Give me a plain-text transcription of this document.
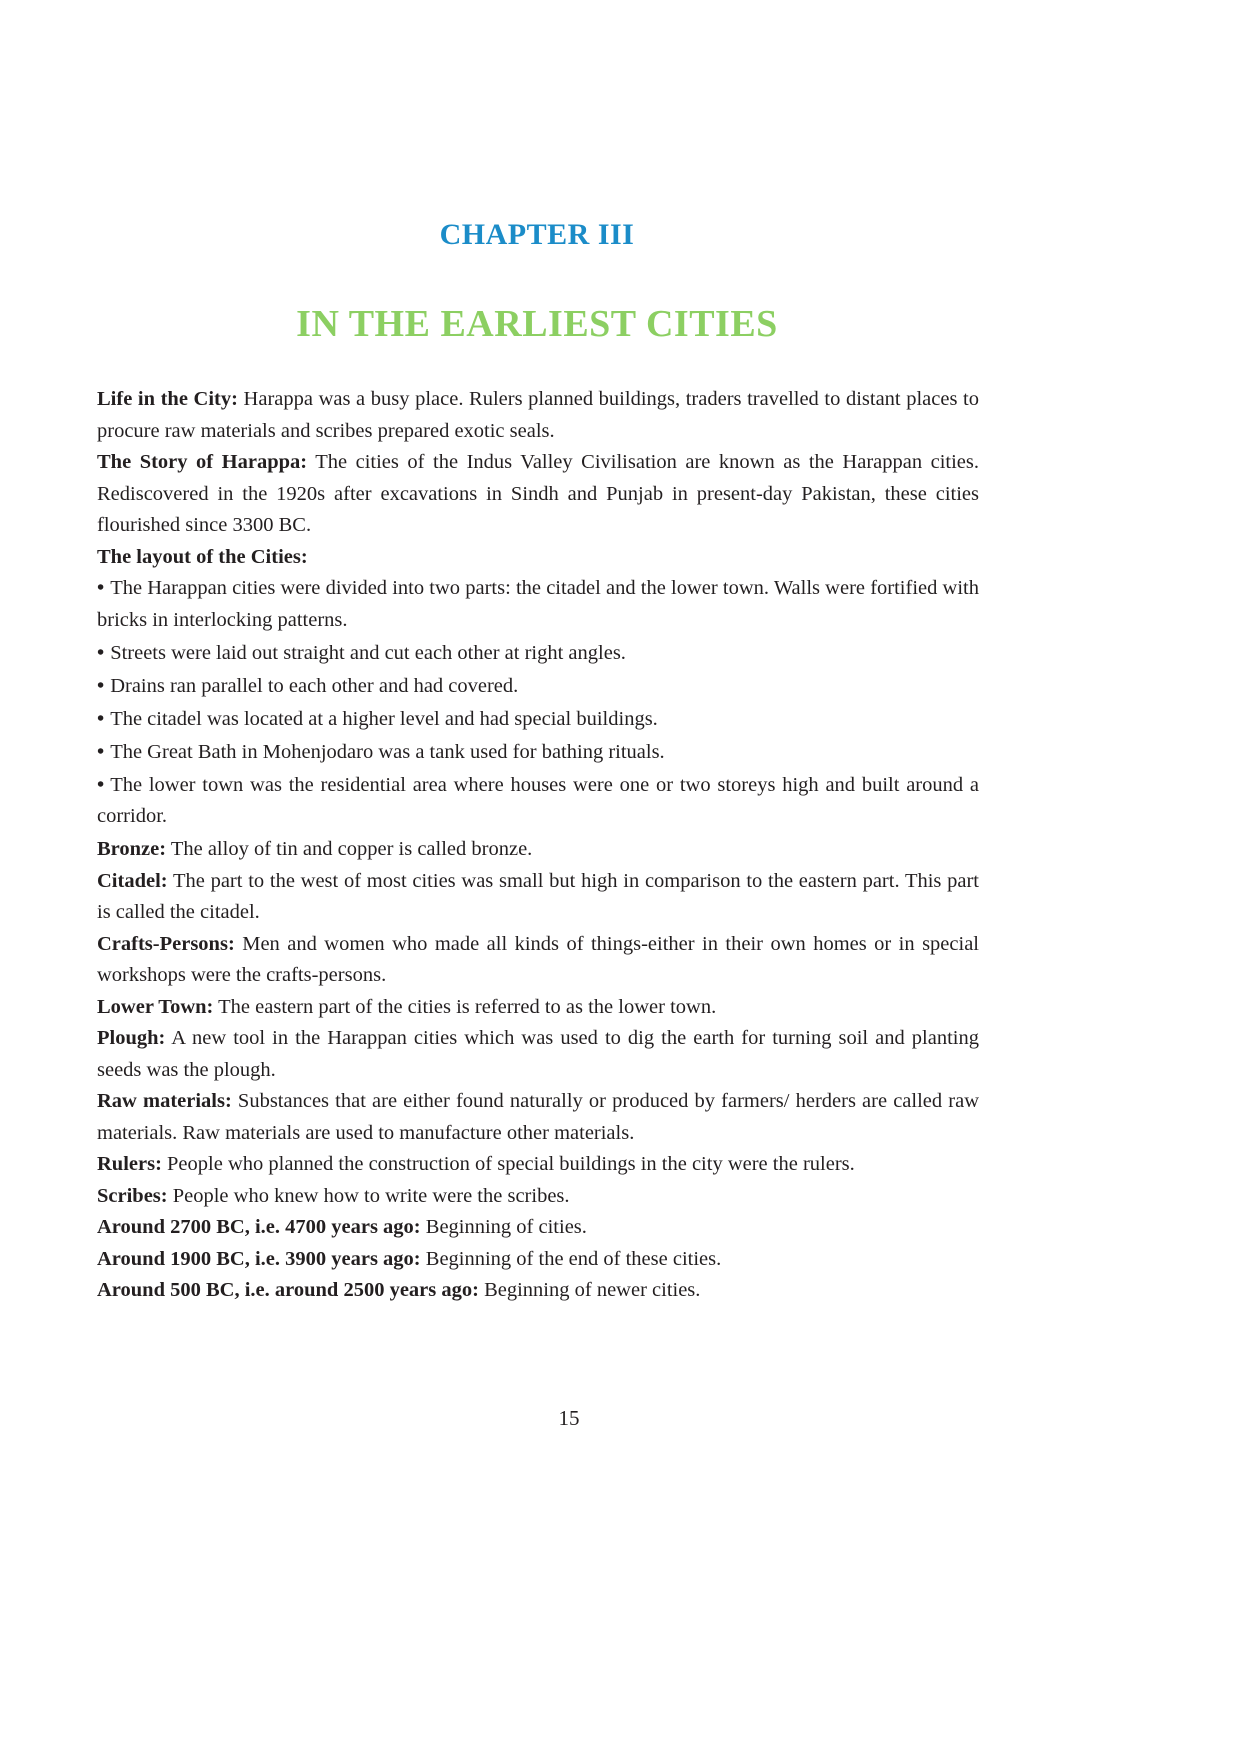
CHAPTER III
IN THE EARLIEST CITIES

Life in the City: Harappa was a busy place. Rulers planned buildings, traders travelled to distant places to procure raw materials and scribes prepared exotic seals.

The Story of Harappa: The cities of the Indus Valley Civilisation are known as the Harappan cities. Rediscovered in the 1920s after excavations in Sindh and Punjab in present-day Pakistan, these cities flourished since 3300 BC.

The layout of the Cities:

• The Harappan cities were divided into two parts: the citadel and the lower town. Walls were fortified with bricks in interlocking patterns.
• Streets were laid out straight and cut each other at right angles.
• Drains ran parallel to each other and had covered.
• The citadel was located at a higher level and had special buildings.
• The Great Bath in Mohenjodaro was a tank used for bathing rituals.
• The lower town was the residential area where houses were one or two storeys high and built around a corridor.

Bronze: The alloy of tin and copper is called bronze.

Citadel: The part to the west of most cities was small but high in comparison to the eastern part. This part is called the citadel.

Crafts-Persons: Men and women who made all kinds of things-either in their own homes or in special workshops were the crafts-persons.

Lower Town: The eastern part of the cities is referred to as the lower town.

Plough: A new tool in the Harappan cities which was used to dig the earth for turning soil and planting seeds was the plough.

Raw materials: Substances that are either found naturally or produced by farmers/ herders are called raw materials. Raw materials are used to manufacture other materials.

Rulers: People who planned the construction of special buildings in the city were the rulers.

Scribes: People who knew how to write were the scribes.

Around 2700 BC, i.e. 4700 years ago: Beginning of cities.

Around 1900 BC, i.e. 3900 years ago: Beginning of the end of these cities.

Around 500 BC, i.e. around 2500 years ago: Beginning of newer cities.

15
